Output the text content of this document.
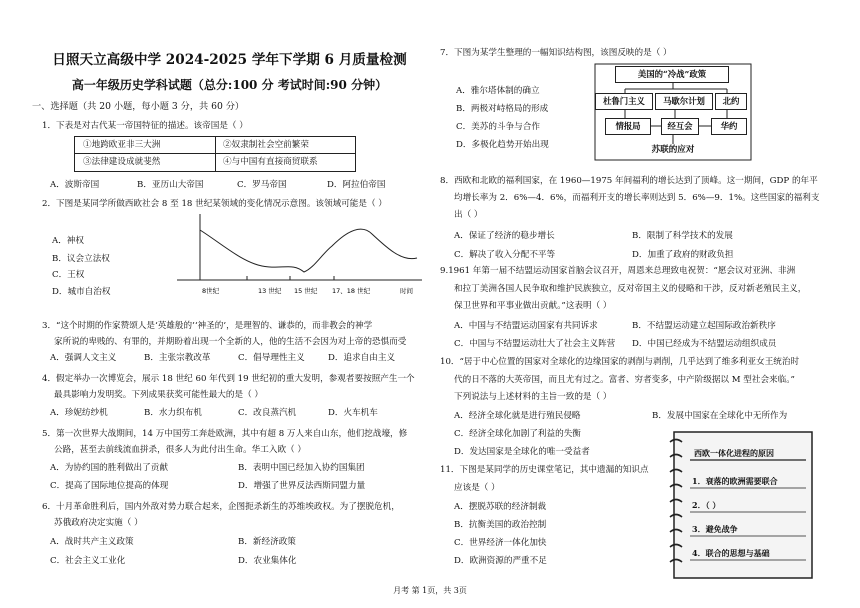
日照天立高级中学 2024-2025 学年下学期 6 月质量检测
高一年级历史学科试题（总分:100 分 考试时间:90 分钟）
一、选择题（共 20 小题，每小题 3 分，共 60 分）
1．下表是对古代某一帝国特征的描述。该帝国是（ ）
①地跨欧亚非三大洲	②奴隶制社会空前繁荣
③法律建设成就斐然	④与中国有直接商贸联系
A．波斯帝国	B．亚历山大帝国	C．罗马帝国	D．阿拉伯帝国
2．下图是某同学所做西欧社会 8 至 18 世纪某领域的变化情况示意图。该领域可能是（ ）
A．神权
B．议会立法权
C．王权
D．城市自治权	8世纪	13 世纪 15 世纪 17、18 世纪	时间
3．“这个时期的作家赞颂人是‘英雄般的’‘神圣的’，是理智的、谦恭的，而非教会的神学
家所说的卑贱的、有罪的，并期盼着出现一个全新的人，他的生活不会因为对上帝的恐惧而受
A．强调人文主义	B．主张宗教改革	C．倡导理性主义	D．追求自由主义
4．假定举办一次博览会，展示 18 世纪 60 年代到 19 世纪初的重大发明，参观者要按照产生一个
最具影响力发明奖。下列成果获奖可能性最大的是（ ）
A．珍妮纺纱机	B．水力织布机	C．改良蒸汽机	D．火车机车
5．第一次世界大战期间，14 万中国劳工奔赴欧洲，其中有超 8 万人来自山东，他们挖战壕，修
公路，甚至去前线流血拼杀，很多人为此付出生命。华工入欧（ ）
A．为协约国的胜利做出了贡献	B．表明中国已经加入协约国集团
C．提高了国际地位提高的体现	D．增强了世界反法西斯同盟力量
6．十月革命胜利后，国内外敌对势力联合起来，企图扼杀新生的苏维埃政权。为了摆脱危机，
苏俄政府决定实施（ ）
A．战时共产主义政策	B．新经济政策
C．社会主义工业化	D．农业集体化
7．下图为某学生整理的一幅知识结构图，该图反映的是（ ）
A．雅尔塔体制的确立
B．两极对峙格局的形成
C．美苏的斗争与合作
D．多极化趋势开始出现
美国的“冷战”政策
杜鲁门主义	马歇尔计划	北约
情报局	经互会	华约
苏联的应对
8．西欧和北欧的福利国家，在 1960—1975 年间福利的增长达到了顶峰。这一期间，GDP 的年平
均增长率为 2．6%—4．6%，而福利开支的增长率则达到 5．6%—9．1%。这些国家的福利支
出（ ）
A．保证了经济的稳步增长	B．限制了科学技术的发展
C．解决了收入分配不平等	D．加重了政府的财政负担
9.1961 年第一届不结盟运动国家首脑会议召开，周恩来总理致电祝贺：“愿会议对亚洲、非洲
和拉丁美洲各国人民争取和维护民族独立，反对帝国主义的侵略和干涉，反对新老殖民主义，
保卫世界和平事业做出贡献。”这表明（ ）
A．中国与不结盟运动国家有共同诉求	B．不结盟运动建立起国际政治新秩序
C．中国与不结盟运动壮大了社会主义阵营 D．中国已经成为不结盟运动组织成员
10．“居于中心位置的国家对全球化的边缘国家的剥削与剥削，几乎达到了维多利亚女王统治时
代的日不落的大英帝国，而且尤有过之。富者、穷者变多，中产阶级据以 M 型社会来临。”
下列说法与上述材料的主旨一致的是（ ）
A．经济全球化就是进行殖民侵略	B．发展中国家在全球化中无所作为
C．经济全球化加剧了利益的失衡
D．发达国家是全球化的唯一受益者
11．下图是某同学的历史课堂笔记，其中遗漏的知识点
应该是（ ）
A．摆脱苏联的经济制裁
B．抗衡美国的政治控制
C．世界经济一体化加快
D．欧洲资源的严重不足
西欧一体化进程的原因
1．衰落的欧洲需要联合
2．（ ）
3．避免战争
4．联合的思想与基础
月考 第 1页，共 3页
